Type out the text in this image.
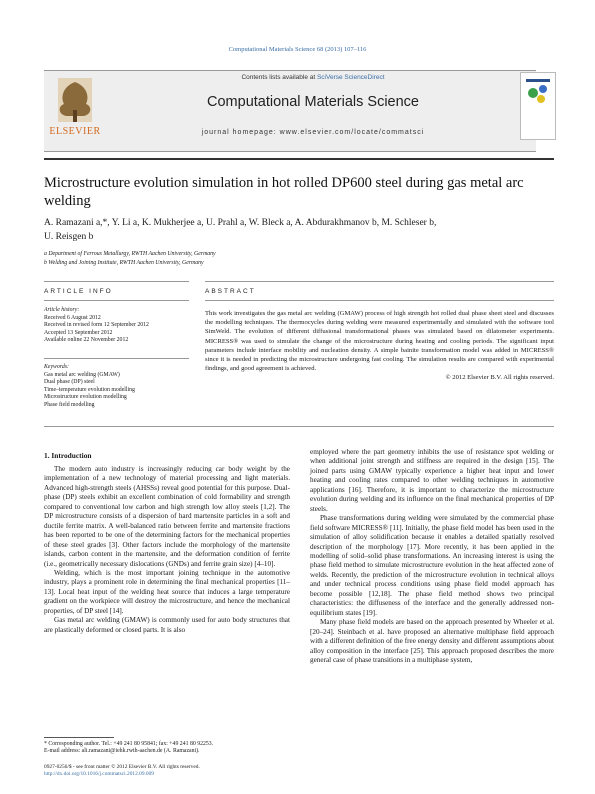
Computational Materials Science 68 (2013) 107–116
ELSEVIER
Contents lists available at SciVerse ScienceDirect
Computational Materials Science
journal homepage: www.elsevier.com/locate/commatsci
Microstructure evolution simulation in hot rolled DP600 steel during gas metal arc welding
A. Ramazani a,*, Y. Li a, K. Mukherjee a, U. Prahl a, W. Bleck a, A. Abdurakhmanov b, M. Schleser b,
U. Reisgen b
a Department of Ferrous Metallurgy, RWTH Aachen University, Germany
b Welding and Joining Institute, RWTH Aachen University, Germany
ARTICLE INFO	ABSTRACT
Article history:
Received 6 August 2012
Received in revised form 12 September 2012
Accepted 13 September 2012
Available online 22 November 2012
Keywords:
Gas metal arc welding (GMAW)
Dual phase (DP) steel
Time–temperature evolution modelling
Microstructure evolution modelling
Phase field modelling
This work investigates the gas metal arc welding (GMAW) process of high strength hot rolled dual phase sheet steel and discusses the modelling techniques. The thermocycles during welding were measured experimentally and simulated with the software tool SimWeld. The evolution of different diffusional transformational phases was simulated based on dilatometer experiments. MICRESS® was used to simulate the change of the microstructure during heating and cooling periods. The significant input parameters include interface mobility and nucleation density. A simple bainite transformation model was added in MICRESS® since it is needed in predicting the microstructure undergoing fast cooling. The simulation results are compared with experimental findings, and good agreement is achieved.
© 2012 Elsevier B.V. All rights reserved.
1. Introduction

The modern auto industry is increasingly reducing car body weight by the implementation of a new technology of material processing and light materials. Advanced high-strength steels (AHSSs) reveal good potential for this purpose. Dual-phase (DP) steels exhibit an excellent combination of cold formability and strength compared to conventional low carbon and high strength low alloy steels [1,2]. The DP microstructure consists of a dispersion of hard martensite particles in a soft and ductile ferrite matrix. A well-balanced ratio between ferrite and martensite fractions has been reported to be one of the determining factors for the mechanical properties of these steel grades [3]. Other factors include the morphology of the martensite islands, carbon content in the martensite, and the deformation condition of ferrite (i.e., geometrically necessary dislocations (GNDs) and ferrite grain size) [4–10].

Welding, which is the most important joining technique in the automotive industry, plays a prominent role in determining the final mechanical properties [11–13]. Local heat input of the welding heat source that induces a large temperature gradient on the workpiece will destroy the microstructure, and hence the mechanical properties, of DP steel [14].

Gas metal arc welding (GMAW) is commonly used for auto body structures that are plastically deformed or closed parts. It is also

employed where the part geometry inhibits the use of resistance spot welding or when additional joint strength and stiffness are required in the design [15]. The joined parts using GMAW typically experience a higher heat input and lower heating and cooling rates compared to other welding techniques in automotive applications [16]. Therefore, it is important to characterize the microstructure evolution during welding and its influence on the final mechanical properties of DP steels.

Phase transformations during welding were simulated by the commercial phase field software MICRESS® [11]. Initially, the phase field model has been used in the simulation of alloy solidification because it enables a detailed spatially resolved description of the morphology [17]. More recently, it has been applied in the modelling of solid–solid phase transformations. An increasing interest is using the phase field method to simulate microstructure evolution in the heat affected zone of welds. Recently, the prediction of the microstructure evolution in technical alloys and under technical process conditions using phase field model approach has become possible [12,18]. The phase field method shows two principal characteristics: the diffuseness of the interface and the generally addressed non-equilibrium states [19].

Many phase field models are based on the approach presented by Wheeler et al. [20–24]. Steinbach et al. have proposed an alternative multiphase field approach with a different definition of the free energy density and different assumptions about alloy composition in the interface [25]. This approach proposed describes the more general case of phase transitions in a multiphase system,

* Corresponding author. Tel.: +49 241 80 95841; fax: +49 241 80 92253.
E-mail address: ali.ramazani@iehk.rwth-aachen.de (A. Ramazani).
0927-0256/$ - see front matter © 2012 Elsevier B.V. All rights reserved.
http://dx.doi.org/10.1016/j.commatsci.2012.09.009
